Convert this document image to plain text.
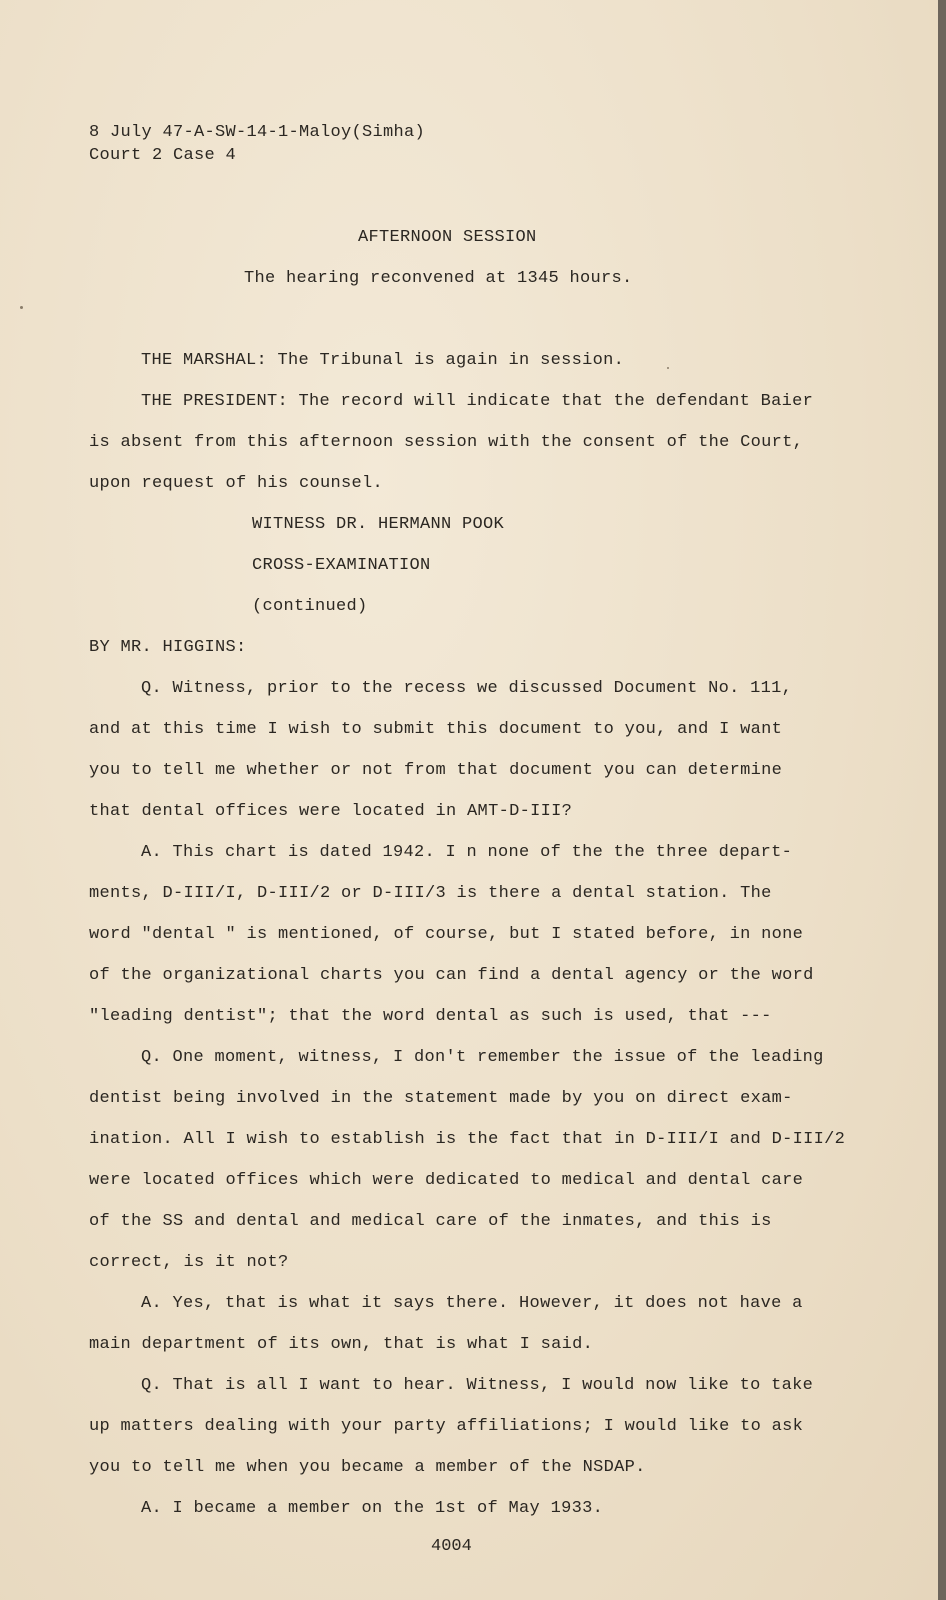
8 July 47-A-SW-14-1-Maloy(Simha)
Court 2 Case 4
AFTERNOON SESSION
The hearing reconvened at 1345 hours.
THE MARSHAL: The Tribunal is again in session.
THE PRESIDENT: The record will indicate that the defendant Baier
is absent from this afternoon session with the consent of the Court,
upon request of his counsel.
WITNESS DR. HERMANN POOK
CROSS-EXAMINATION
(continued)
BY MR. HIGGINS:
Q. Witness, prior to the recess we discussed Document No. 111,
and at this time I wish to submit this document to you, and I want
you to tell me whether or not from that document you can determine
that dental offices were located in AMT-D-III?
A. This chart is dated 1942. I n none of the the three depart-
ments, D-III/I, D-III/2 or D-III/3 is there a dental station. The
word "dental " is mentioned, of course, but I stated before, in none
of the organizational charts you can find a dental agency or the word
"leading dentist"; that the word dental as such is used, that ---
Q. One moment, witness, I don't remember the issue of the leading
dentist being involved in the statement made by you on direct exam-
ination. All I wish to establish is the fact that in D-III/I and D-III/2
were located offices which were dedicated to medical and dental care
of the SS and dental and medical care of the inmates, and this is
correct, is it not?
A. Yes, that is what it says there. However, it does not have a
main department of its own, that is what I said.
Q. That is all I want to hear. Witness, I would now like to take
up matters dealing with your party affiliations; I would like to ask
you to tell me when you became a member of the NSDAP.
A. I became a member on the 1st of May 1933.
4004
